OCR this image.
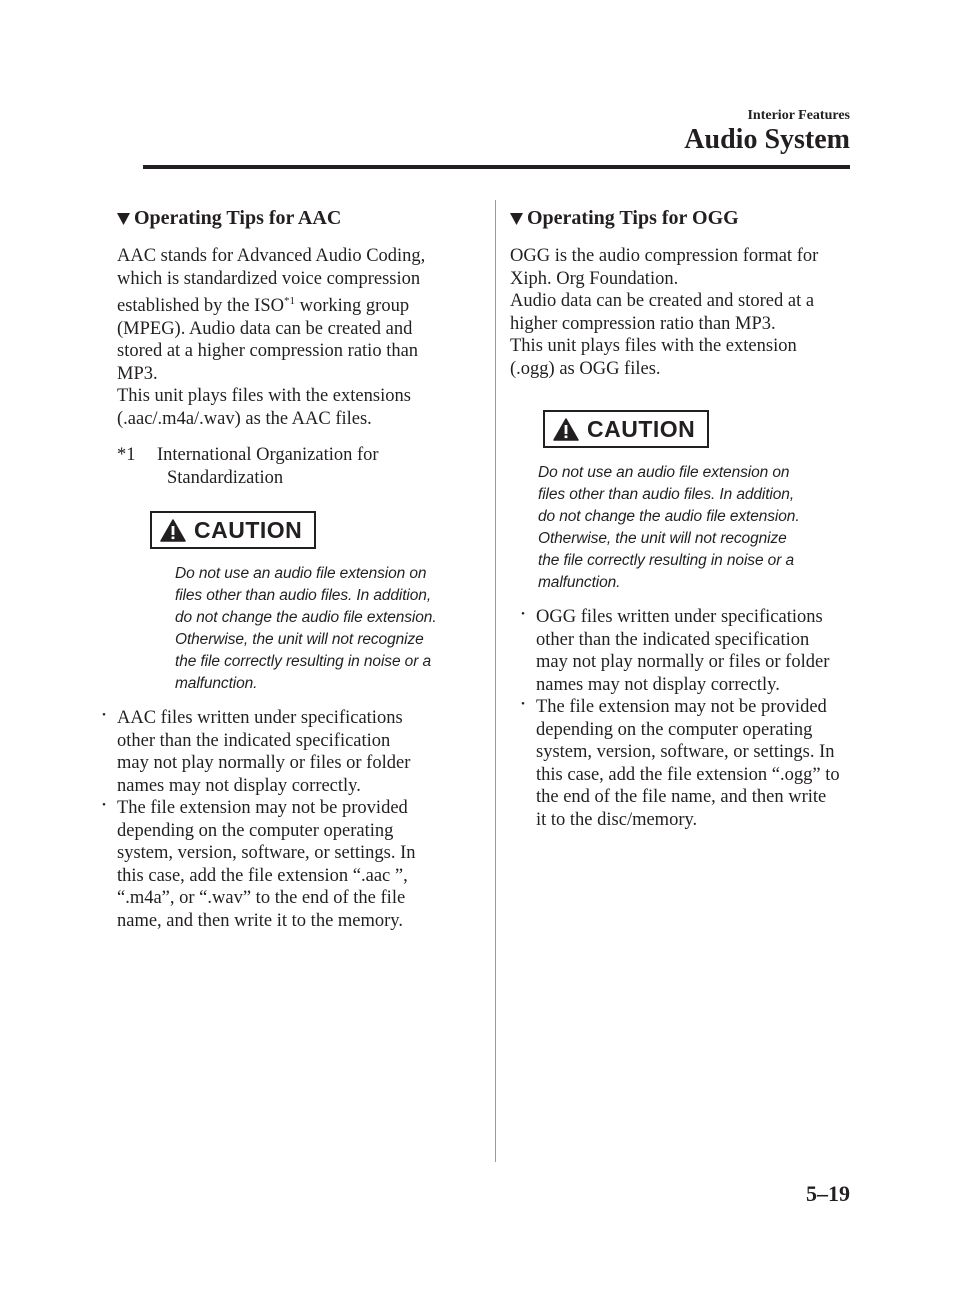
Interior Features
Audio System
Operating Tips for AAC

AAC stands for Advanced Audio Coding,
which is standardized voice compression
established by the ISO$^{*1}$ working group
(MPEG). Audio data can be created and
stored at a higher compression ratio than
MP3.
This unit plays files with the extensions
(.aac/.m4a/.wav) as the AAC files.

*1 International Organization for

Standardization
CAUTION
Do not use an audio file extension on
files other than audio files. In addition,
do not change the audio file extension.
Otherwise, the unit will not recognize
the file correctly resulting in noise or a
malfunction.
・ AAC files written under specifications
other than the indicated specification
may not play normally or files or folder
names may not display correctly.
・ The file extension may not be provided
depending on the computer operating
system, version, software, or settings. In
this case, add the file extension “.aac ”,
“.m4a”, or “.wav” to the end of the file
name, and then write it to the memory.
Operating Tips for OGG

OGG is the audio compression format for
Xiph. Org Foundation.
Audio data can be created and stored at a
higher compression ratio than MP3.
This unit plays files with the extension
(.ogg) as OGG files.

CAUTION
Do not use an audio file extension on
files other than audio files. In addition,
do not change the audio file extension.
Otherwise, the unit will not recognize
the file correctly resulting in noise or a
malfunction.
・ OGG files written under specifications
other than the indicated specification
may not play normally or files or folder
names may not display correctly.
・ The file extension may not be provided
depending on the computer operating
system, version, software, or settings. In
this case, add the file extension “.ogg” to
the end of the file name, and then write
it to the disc/memory.
5–19
